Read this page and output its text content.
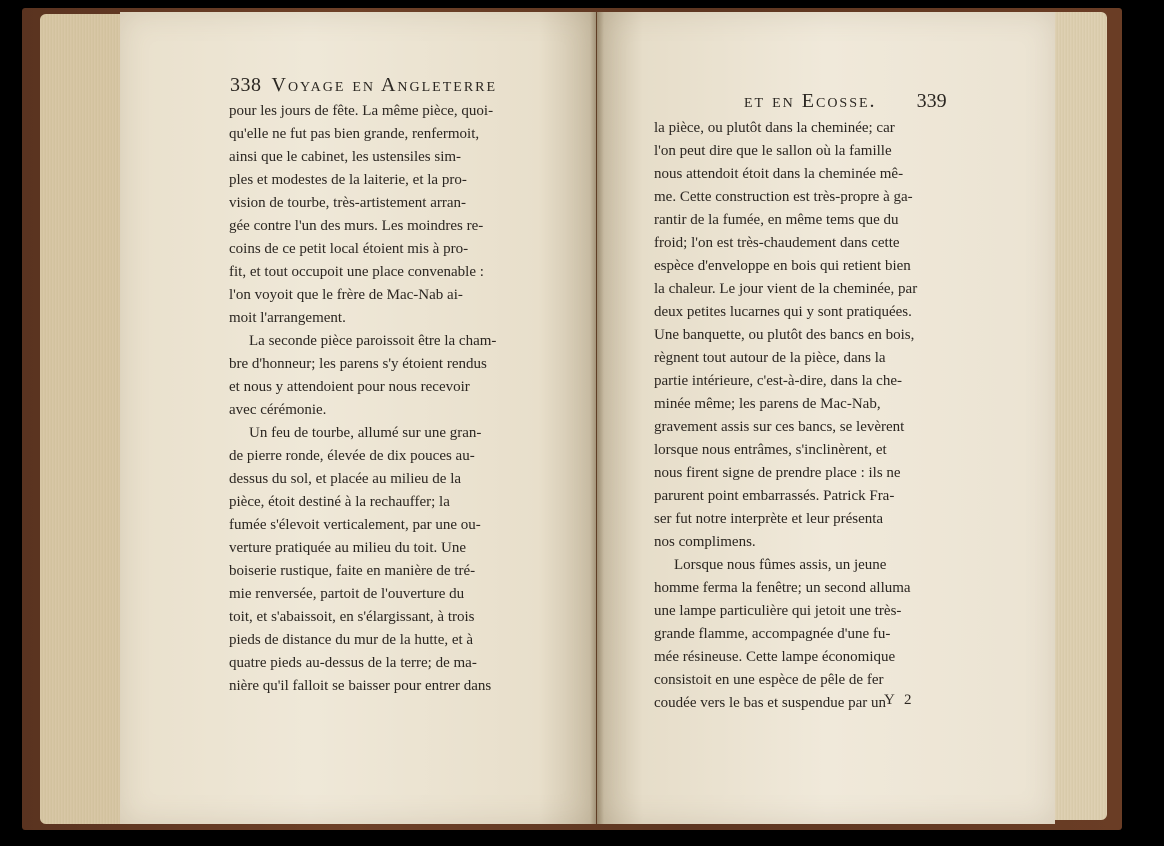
338 Voyage en Angleterre
et en Ecosse. 339
pour les jours de fête. La même pièce, quoi-
qu'elle ne fut pas bien grande, renfermoit,
ainsi que le cabinet, les ustensiles sim-
ples et modestes de la laiterie, et la pro-
vision de tourbe, très-artistement arran-
gée contre l'un des murs. Les moindres re-
coins de ce petit local étoient mis à pro-
fit, et tout occupoit une place convenable :
l'on voyoit que le frère de Mac-Nab ai-
moit l'arrangement.
La seconde pièce paroissoit être la cham-
bre d'honneur; les parens s'y étoient rendus
et nous y attendoient pour nous recevoir
avec cérémonie.
Un feu de tourbe, allumé sur une gran-
de pierre ronde, élevée de dix pouces au-
dessus du sol, et placée au milieu de la
pièce, étoit destiné à la rechauffer; la
fumée s'élevoit verticalement, par une ou-
verture pratiquée au milieu du toit. Une
boiserie rustique, faite en manière de tré-
mie renversée, partoit de l'ouverture du
toit, et s'abaissoit, en s'élargissant, à trois
pieds de distance du mur de la hutte, et à
quatre pieds au-dessus de la terre; de ma-
nière qu'il falloit se baisser pour entrer dans
la pièce, ou plutôt dans la cheminée; car
l'on peut dire que le sallon où la famille
nous attendoit étoit dans la cheminée mê-
me. Cette construction est très-propre à ga-
rantir de la fumée, en même tems que du
froid; l'on est très-chaudement dans cette
espèce d'enveloppe en bois qui retient bien
la chaleur. Le jour vient de la cheminée, par
deux petites lucarnes qui y sont pratiquées.
Une banquette, ou plutôt des bancs en bois,
règnent tout autour de la pièce, dans la
partie intérieure, c'est-à-dire, dans la che-
minée même; les parens de Mac-Nab,
gravement assis sur ces bancs, se levèrent
lorsque nous entrâmes, s'inclinèrent, et
nous firent signe de prendre place : ils ne
parurent point embarrassés. Patrick Fra-
ser fut notre interprète et leur présenta
nos complimens.
Lorsque nous fûmes assis, un jeune
homme ferma la fenêtre; un second alluma
une lampe particulière qui jetoit une très-
grande flamme, accompagnée d'une fu-
mée résineuse. Cette lampe économique
consistoit en une espèce de pêle de fer
coudée vers le bas et suspendue par un
Y 2
